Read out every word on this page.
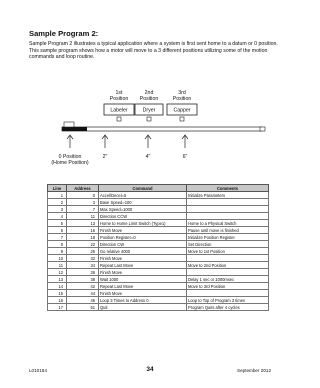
Sample Program 2:

Sample Program 2 illustrates a typical application where a system is first sent home to a datum or 0 position. This sample program shows how a motor will move to a 3 different positions utilizing some of the motion commands and loop routine.

1st
Position
Labeler
2nd
Position
Dryer
3rd
Position
Capper
0 Position
(Home Position)
2"	4"	6"
Line	Address	Command	Comments
1	0	Accel/Decel=5	Initialize Parameters
2	3	Base Speed=100	
3	7	Max Speed=1000	
4	11	Direction CCW	
5	13	Home to Home Limit Switch (Type1)	Home to a Physical Switch
6	16	Finish Move	Pause until move is finished
7	18	Position Register=0	Initialize Position Register
8	22	Direction CW	Set Direction
9	25	Go relative 4000	Move to 1st Position
10	32	Finish Move	
11	34	Repeat Last Move	Move to 2nd Position
12	36	Finish Move	
13	38	Wait 1000	Delay 1 sec or 1000msec
14	42	Repeat Last Move	Move to 3rd Position
15	44	Finish Move	
16	46	Loop 3 Times to Address 0	Loop to Top of Program 3 times
17	51	Quit	Program Quits after 4 cycles
L010164	34	September 2012
